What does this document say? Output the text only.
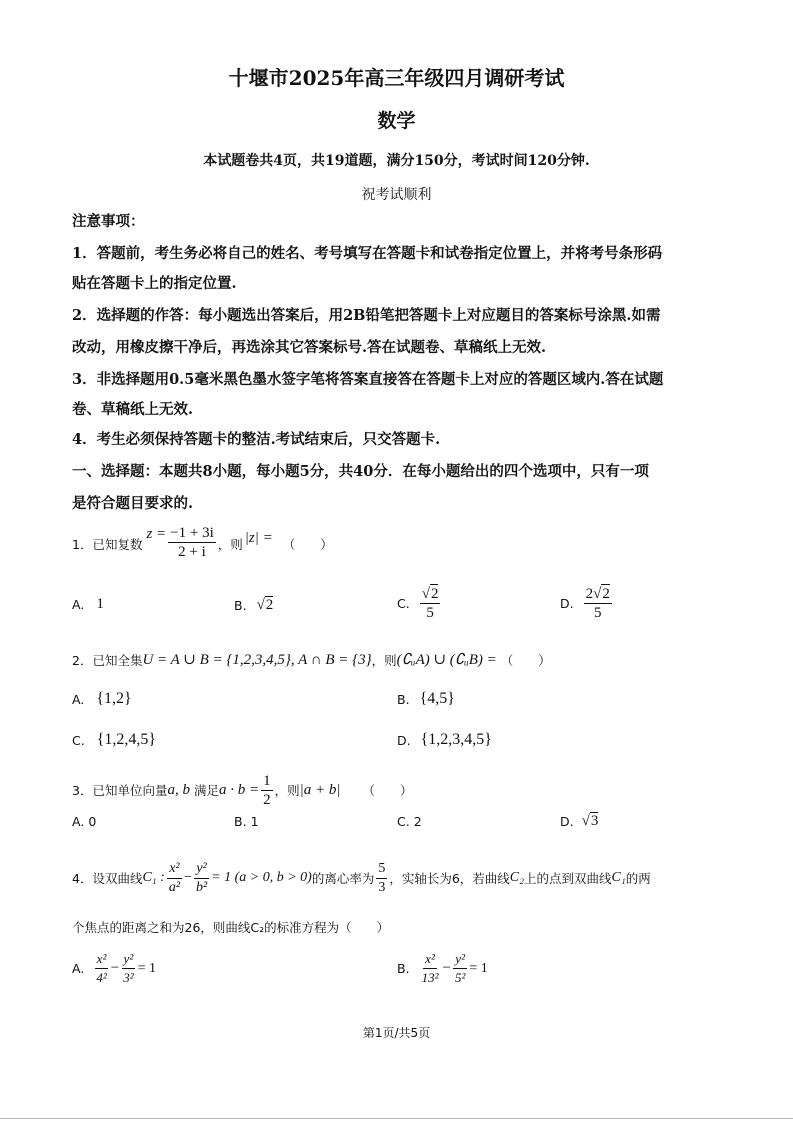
十堰市2025年高三年级四月调研考试
数学
本试题卷共4页，共19道题，满分150分，考试时间120分钟.
祝考试顺利
注意事项：
1．答题前，考生务必将自己的姓名、考号填写在答题卡和试卷指定位置上，并将考号条形码
贴在答题卡上的指定位置.
2．选择题的作答：每小题选出答案后，用2B铅笔把答题卡上对应题目的答案标号涂黑.如需
改动，用橡皮擦干净后，再选涂其它答案标号.答在试题卷、草稿纸上无效.
3．非选择题用0.5毫米黑色墨水签字笔将答案直接答在答题卡上对应的答题区域内.答在试题
卷、草稿纸上无效.
4．考生必须保持答题卡的整洁.考试结束后，只交答题卡.
一、选择题：本题共8小题，每小题5分，共40分．在每小题给出的四个选项中，只有一项
是符合题目要求的.
1．已知复数
$z = \frac{-1 + 3i}{2 + i}$ ，则 |z| = （　　）
A. 1	B. √ 2	C. $\frac{√2}{5}$	D. $\frac{2√2}{5}$
2．已知全集 U = A ∪ B = {1,2,3,4,5}, A ∩ B = {3} ，则 (∁ᵤA) ∪ (∁ᵤB) = （　　）
A. {1,2}	B. {4,5}
C. {1,2,4,5}	D. {1,2,3,4,5}
3．已知单位向量 a, b 满足 $a \cdot b = \frac{1}{2}$ ，则 |a + b| （　　）
A. 0	B. 1	C. 2	D. √ 3
4．设双曲线 C₁ : $\frac{\text{x²}}{\text{a²}} - \frac{\text{y²}}{\text{b²}} = 1$ (a > 0, b > 0) 的离心率为 $\frac{5}{3}$ ，实轴长为6，若曲线 C₂ 上的点到双曲线 C₁ 的两
个焦点的距离之和为26，则曲线C₂的标准方程为（　　）
A. $\frac{\text{x²}}{\text{4²}} - \frac{\text{y²}}{\text{3²}} = 1$	B. $\frac{\text{x²}}{\text{13²}} - \frac{\text{y²}}{\text{5²}} = 1$
第1页/共5页
